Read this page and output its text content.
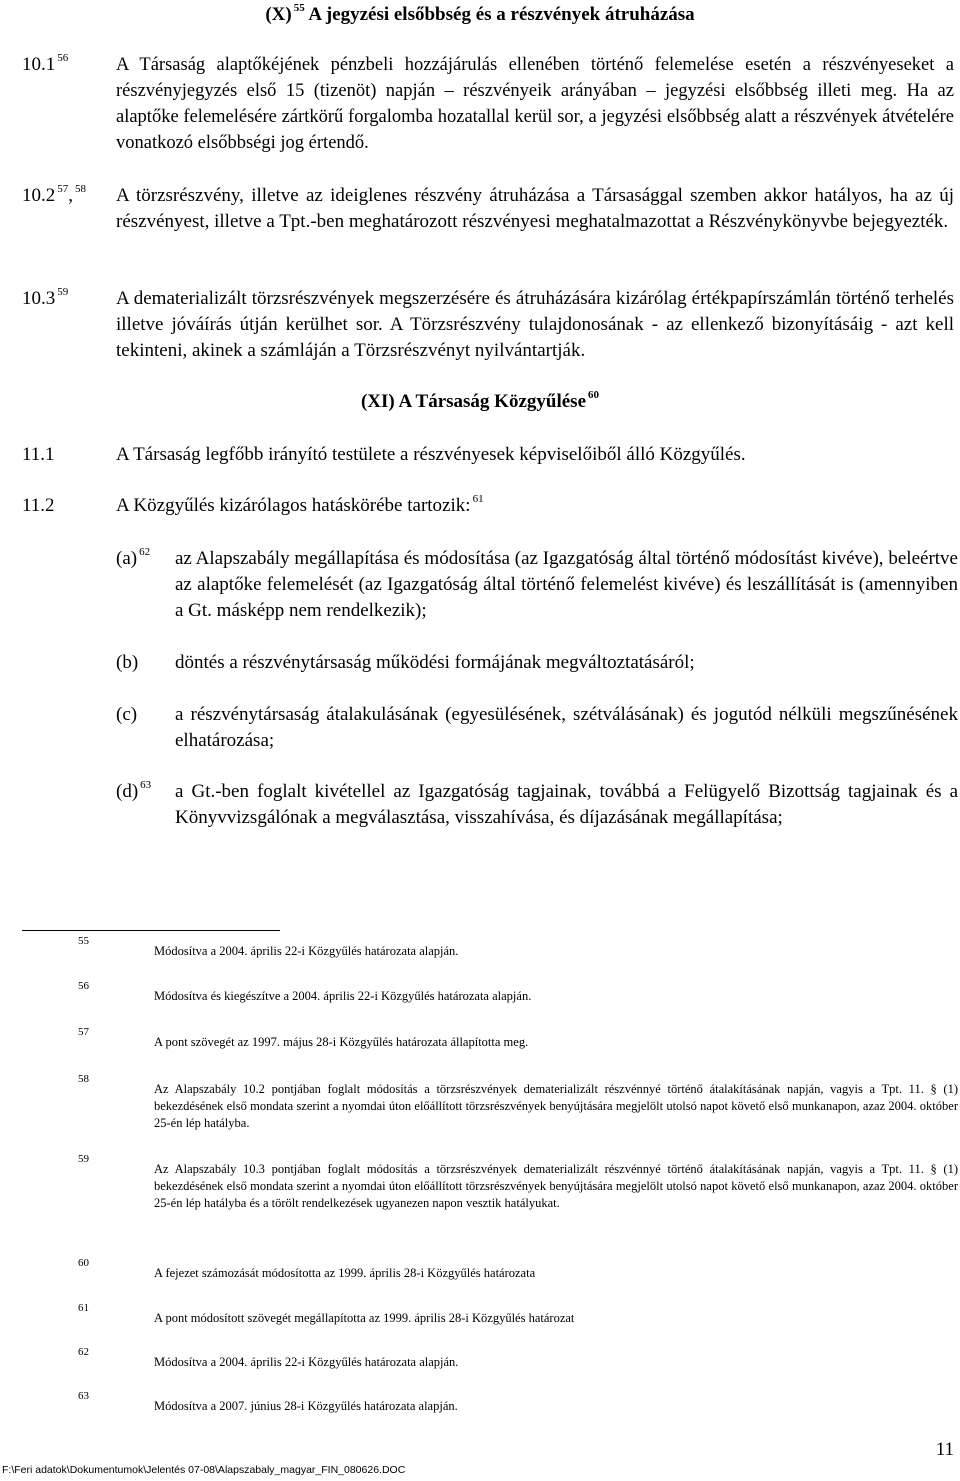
(X) $^{55}$ A jegyzési elsőbbség és a részvények átruházása
10.1 $^{56}$	A Társaság alaptőkéjének pénzbeli hozzájárulás ellenében történő felemelése esetén a részvényeseket a részvényjegyzés első 15 (tizenöt) napján – részvényeik arányában – jegyzési elsőbbség illeti meg. Ha az alaptőke felemelésére zártkörű forgalomba hozatallal kerül sor, a jegyzési elsőbbség alatt a részvények átvételére vonatkozó elsőbbségi jog értendő.
10.2 $^{57}$, $^{58}$ A törzsrészvény, illetve az ideiglenes részvény átruházása a Társasággal szemben akkor hatályos, ha az új részvényest, illetve a Tpt.-ben meghatározott részvényesi meghatalmazottat a Részvénykönyvbe bejegyezték.
10.3 $^{59}$	A dematerializált törzsrészvények megszerzésére és átruházására kizárólag értékpapírszámlán történő terhelés illetve jóváírás útján kerülhet sor. A Törzsrészvény tulajdonosának - az ellenkező bizonyításáig - azt kell tekinteni, akinek a számláján a Törzsrészvényt nyilvántartják.
(XI) A Társaság Közgyűlése $^{60}$
11.1	A Társaság legfőbb irányító testülete a részvényesek képviselőiből álló Közgyűlés.
11.2	A Közgyűlés kizárólagos hatáskörébe tartozik: $^{61}$
(a) $^{62}$ az Alapszabály megállapítása és módosítása (az Igazgatóság által történő módosítást kivéve), beleértve az alaptőke felemelését (az Igazgatóság által történő felemelést kivéve) és leszállítását is (amennyiben a Gt. másképp nem rendelkezik);
(b) döntés a részvénytársaság működési formájának megváltoztatásáról;
(c) a részvénytársaság átalakulásának (egyesülésének, szétválásának) és jogutód nélküli megszűnésének elhatározása;
(d) $^{63}$ a Gt.-ben foglalt kivétellel az Igazgatóság tagjainak, továbbá a Felügyelő Bizottság tagjainak és a Könyvvizsgálónak a megválasztása, visszahívása, és díjazásának megállapítása;
55
Módosítva a 2004. április 22-i Közgyűlés határozata alapján.
56
Módosítva és kiegészítve a 2004. április 22-i Közgyűlés határozata alapján.
57
A pont szövegét az 1997. május 28-i Közgyűlés határozata állapította meg.
58
Az Alapszabály 10.2 pontjában foglalt módosítás a törzsrészvények dematerializált részvénnyé történő átalakításának napján, vagyis a Tpt. 11. § (1) bekezdésének első mondata szerint a nyomdai úton előállított törzsrészvények benyújtására megjelölt utolsó napot követő első munkanapon, azaz 2004. október 25-én lép hatályba.
59
Az Alapszabály 10.3 pontjában foglalt módosítás a törzsrészvények dematerializált részvénnyé történő átalakításának napján, vagyis a Tpt. 11. § (1) bekezdésének első mondata szerint a nyomdai úton előállított törzsrészvények benyújtására megjelölt utolsó napot követő első munkanapon, azaz 2004. október 25-én lép hatályba és a törölt rendelkezések ugyanezen napon vesztik hatályukat.
60
A fejezet számozását módosította az 1999. április 28-i Közgyűlés határozata
61
A pont módosított szövegét megállapította az 1999. április 28-i Közgyűlés határozat
62
Módosítva a 2004. április 22-i Közgyűlés határozata alapján.
63
Módosítva a 2007. június 28-i Közgyűlés határozata alapján.
11
F:\Feri adatok\Dokumentumok\Jelentés 07-08\Alapszabaly_magyar_FIN_080626.DOC
